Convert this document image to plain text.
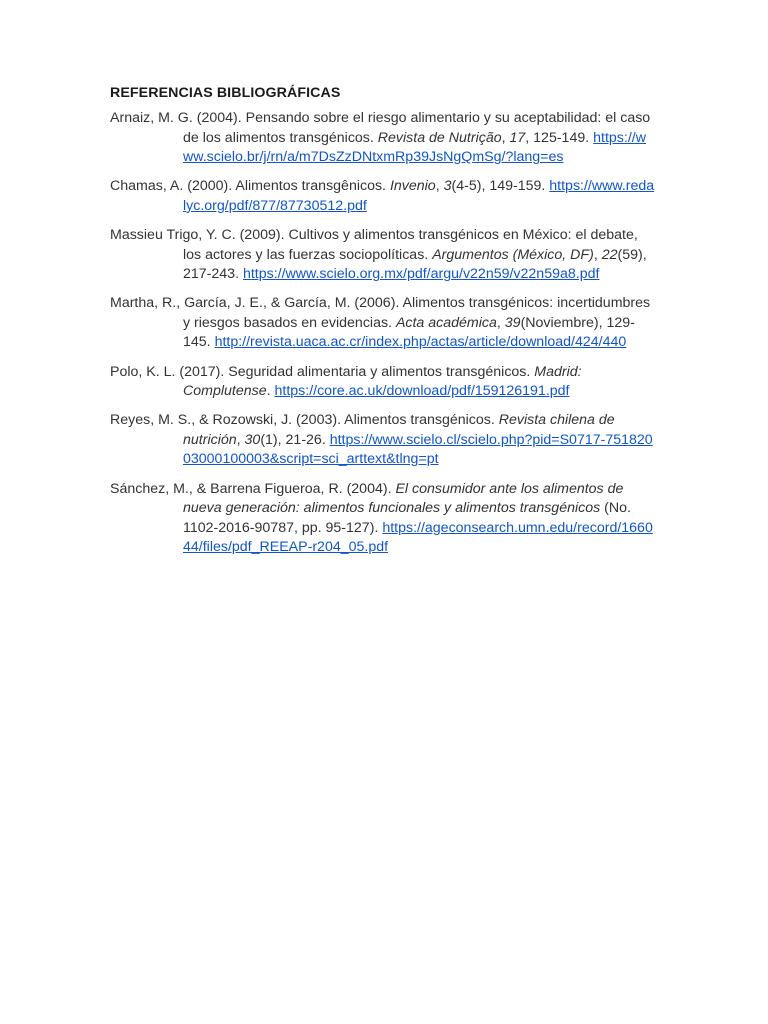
REFERENCIAS BIBLIOGRÁFICAS

Arnaiz, M. G. (2004). Pensando sobre el riesgo alimentario y su aceptabilidad: el caso de los alimentos transgénicos. Revista de Nutrição, 17, 125-149. https://www.scielo.br/j/rn/a/m7DsZzDNtxmRp39JsNgQmSg/?lang=es

Chamas, A. (2000). Alimentos transgênicos. Invenio, 3(4-5), 149-159. https://www.redalyc.org/pdf/877/87730512.pdf

Massieu Trigo, Y. C. (2009). Cultivos y alimentos transgénicos en México: el debate, los actores y las fuerzas sociopolíticas. Argumentos (México, DF), 22(59), 217-243. https://www.scielo.org.mx/pdf/argu/v22n59/v22n59a8.pdf

Martha, R., García, J. E., & García, M. (2006). Alimentos transgénicos: incertidumbres y riesgos basados en evidencias. Acta académica, 39(Noviembre), 129-145. http://revista.uaca.ac.cr/index.php/actas/article/download/424/440

Polo, K. L. (2017). Seguridad alimentaria y alimentos transgénicos. Madrid: Complutense. https://core.ac.uk/download/pdf/159126191.pdf

Reyes, M. S., & Rozowski, J. (2003). Alimentos transgénicos. Revista chilena de nutrición, 30(1), 21-26. https://www.scielo.cl/scielo.php?pid=S0717-75182003000100003&script=sci_arttext&tlng=pt

Sánchez, M., & Barrena Figueroa, R. (2004). El consumidor ante los alimentos de nueva generación: alimentos funcionales y alimentos transgénicos (No. 1102-2016-90787, pp. 95-127). https://ageconsearch.umn.edu/record/166044/files/pdf_REEAP-r204_05.pdf
